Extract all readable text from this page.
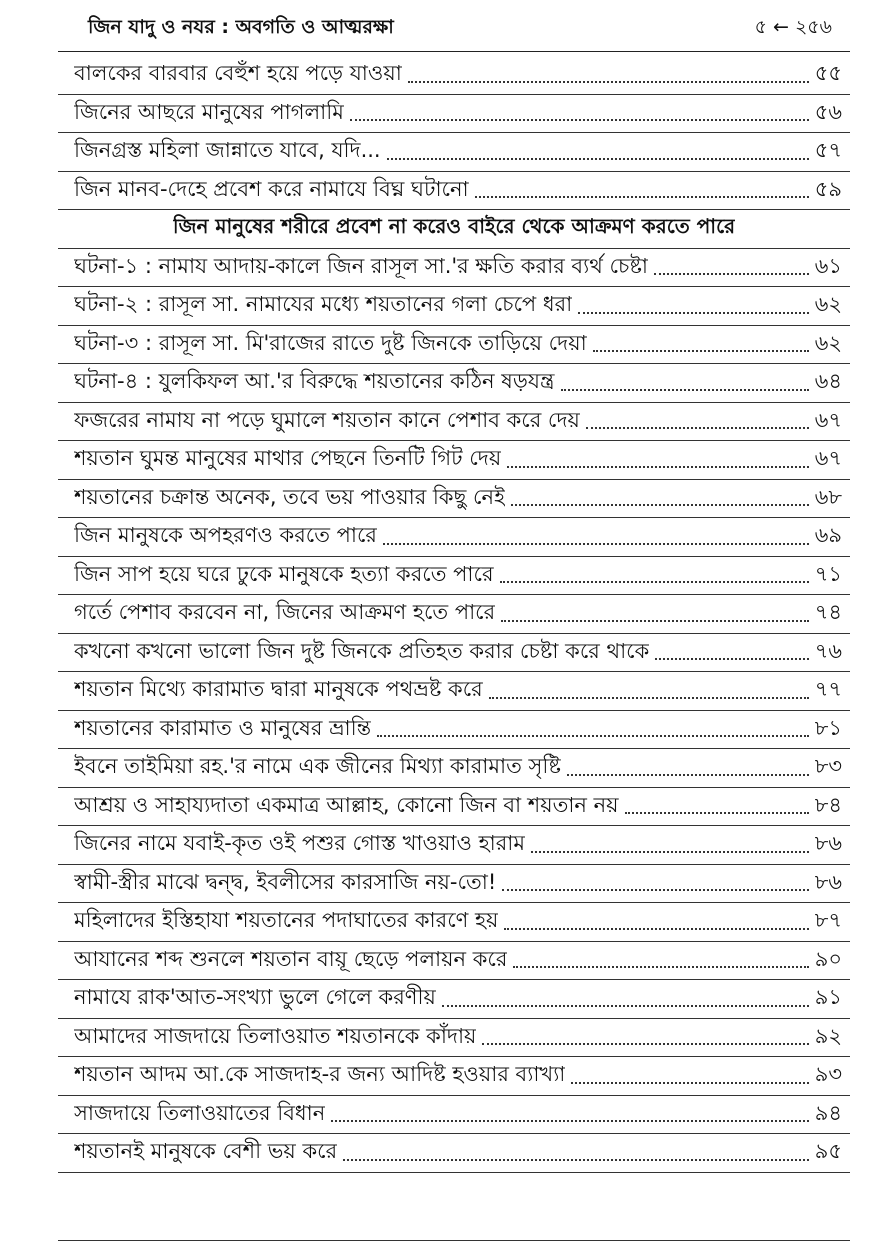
জিন যাদু ও নযর : অবগতি ও আত্মরক্ষা	৫ ← ২৫৬
বালকের বারবার বেহুঁশ হয়ে পড়ে যাওয়া	৫৫
জিনের আছরে মানুষের পাগলামি	৫৬
জিনগ্রস্ত মহিলা জান্নাতে যাবে, যদি...	৫৭
জিন মানব-দেহে প্রবেশ করে নামাযে বিঘ্ন ঘটানো	৫৯
জিন মানুষের শরীরে প্রবেশ না করেও বাইরে থেকে আক্রমণ করতে পারে
ঘটনা-১ : নামায আদায়-কালে জিন রাসূল সা.'র ক্ষতি করার ব্যর্থ চেষ্টা	৬১
ঘটনা-২ : রাসূল সা. নামাযের মধ্যে শয়তানের গলা চেপে ধরা	৬২
ঘটনা-৩ : রাসূল সা. মি'রাজের রাতে দুষ্ট জিনকে তাড়িয়ে দেয়া	৬২
ঘটনা-৪ : যুলকিফল আ.'র বিরুদ্ধে শয়তানের কঠিন ষড়যন্ত্র	৬৪
ফজরের নামায না পড়ে ঘুমালে শয়তান কানে পেশাব করে দেয়	৬৭
শয়তান ঘুমন্ত মানুষের মাথার পেছনে তিনটি গিট দেয়	৬৭
শয়তানের চক্রান্ত অনেক, তবে ভয় পাওয়ার কিছু নেই	৬৮
জিন মানুষকে অপহরণও করতে পারে	৬৯
জিন সাপ হয়ে ঘরে ঢুকে মানুষকে হত্যা করতে পারে	৭১
গর্তে পেশাব করবেন না, জিনের আক্রমণ হতে পারে	৭৪
কখনো কখনো ভালো জিন দুষ্ট জিনকে প্রতিহত করার চেষ্টা করে থাকে	৭৬
শয়তান মিথ্যে কারামাত দ্বারা মানুষকে পথভ্রষ্ট করে	৭৭
শয়তানের কারামাত ও মানুষের ভ্রান্তি	৮১
ইবনে তাইমিয়া রহ.'র নামে এক জীনের মিথ্যা কারামাত সৃষ্টি	৮৩
আশ্রয় ও সাহায্যদাতা একমাত্র আল্লাহ, কোনো জিন বা শয়তান নয়	৮৪
জিনের নামে যবাই-কৃত ওই পশুর গোস্ত খাওয়াও হারাম	৮৬
স্বামী-স্ত্রীর মাঝে দ্বন্দ্ব, ইবলীসের কারসাজি নয়-তো!	৮৬
মহিলাদের ইস্তিহাযা শয়তানের পদাঘাতের কারণে হয়	৮৭
আযানের শব্দ শুনলে শয়তান বায়ূ ছেড়ে পলায়ন করে	৯০
নামাযে রাক'আত-সংখ্যা ভুলে গেলে করণীয়	৯১
আমাদের সাজদায়ে তিলাওয়াত শয়তানকে কাঁদায়	৯২
শয়তান আদম আ.কে সাজদাহ-র জন্য আদিষ্ট হওয়ার ব্যাখ্যা	৯৩
সাজদায়ে তিলাওয়াতের বিধান	৯৪
শয়তানই মানুষকে বেশী ভয় করে	৯৫
